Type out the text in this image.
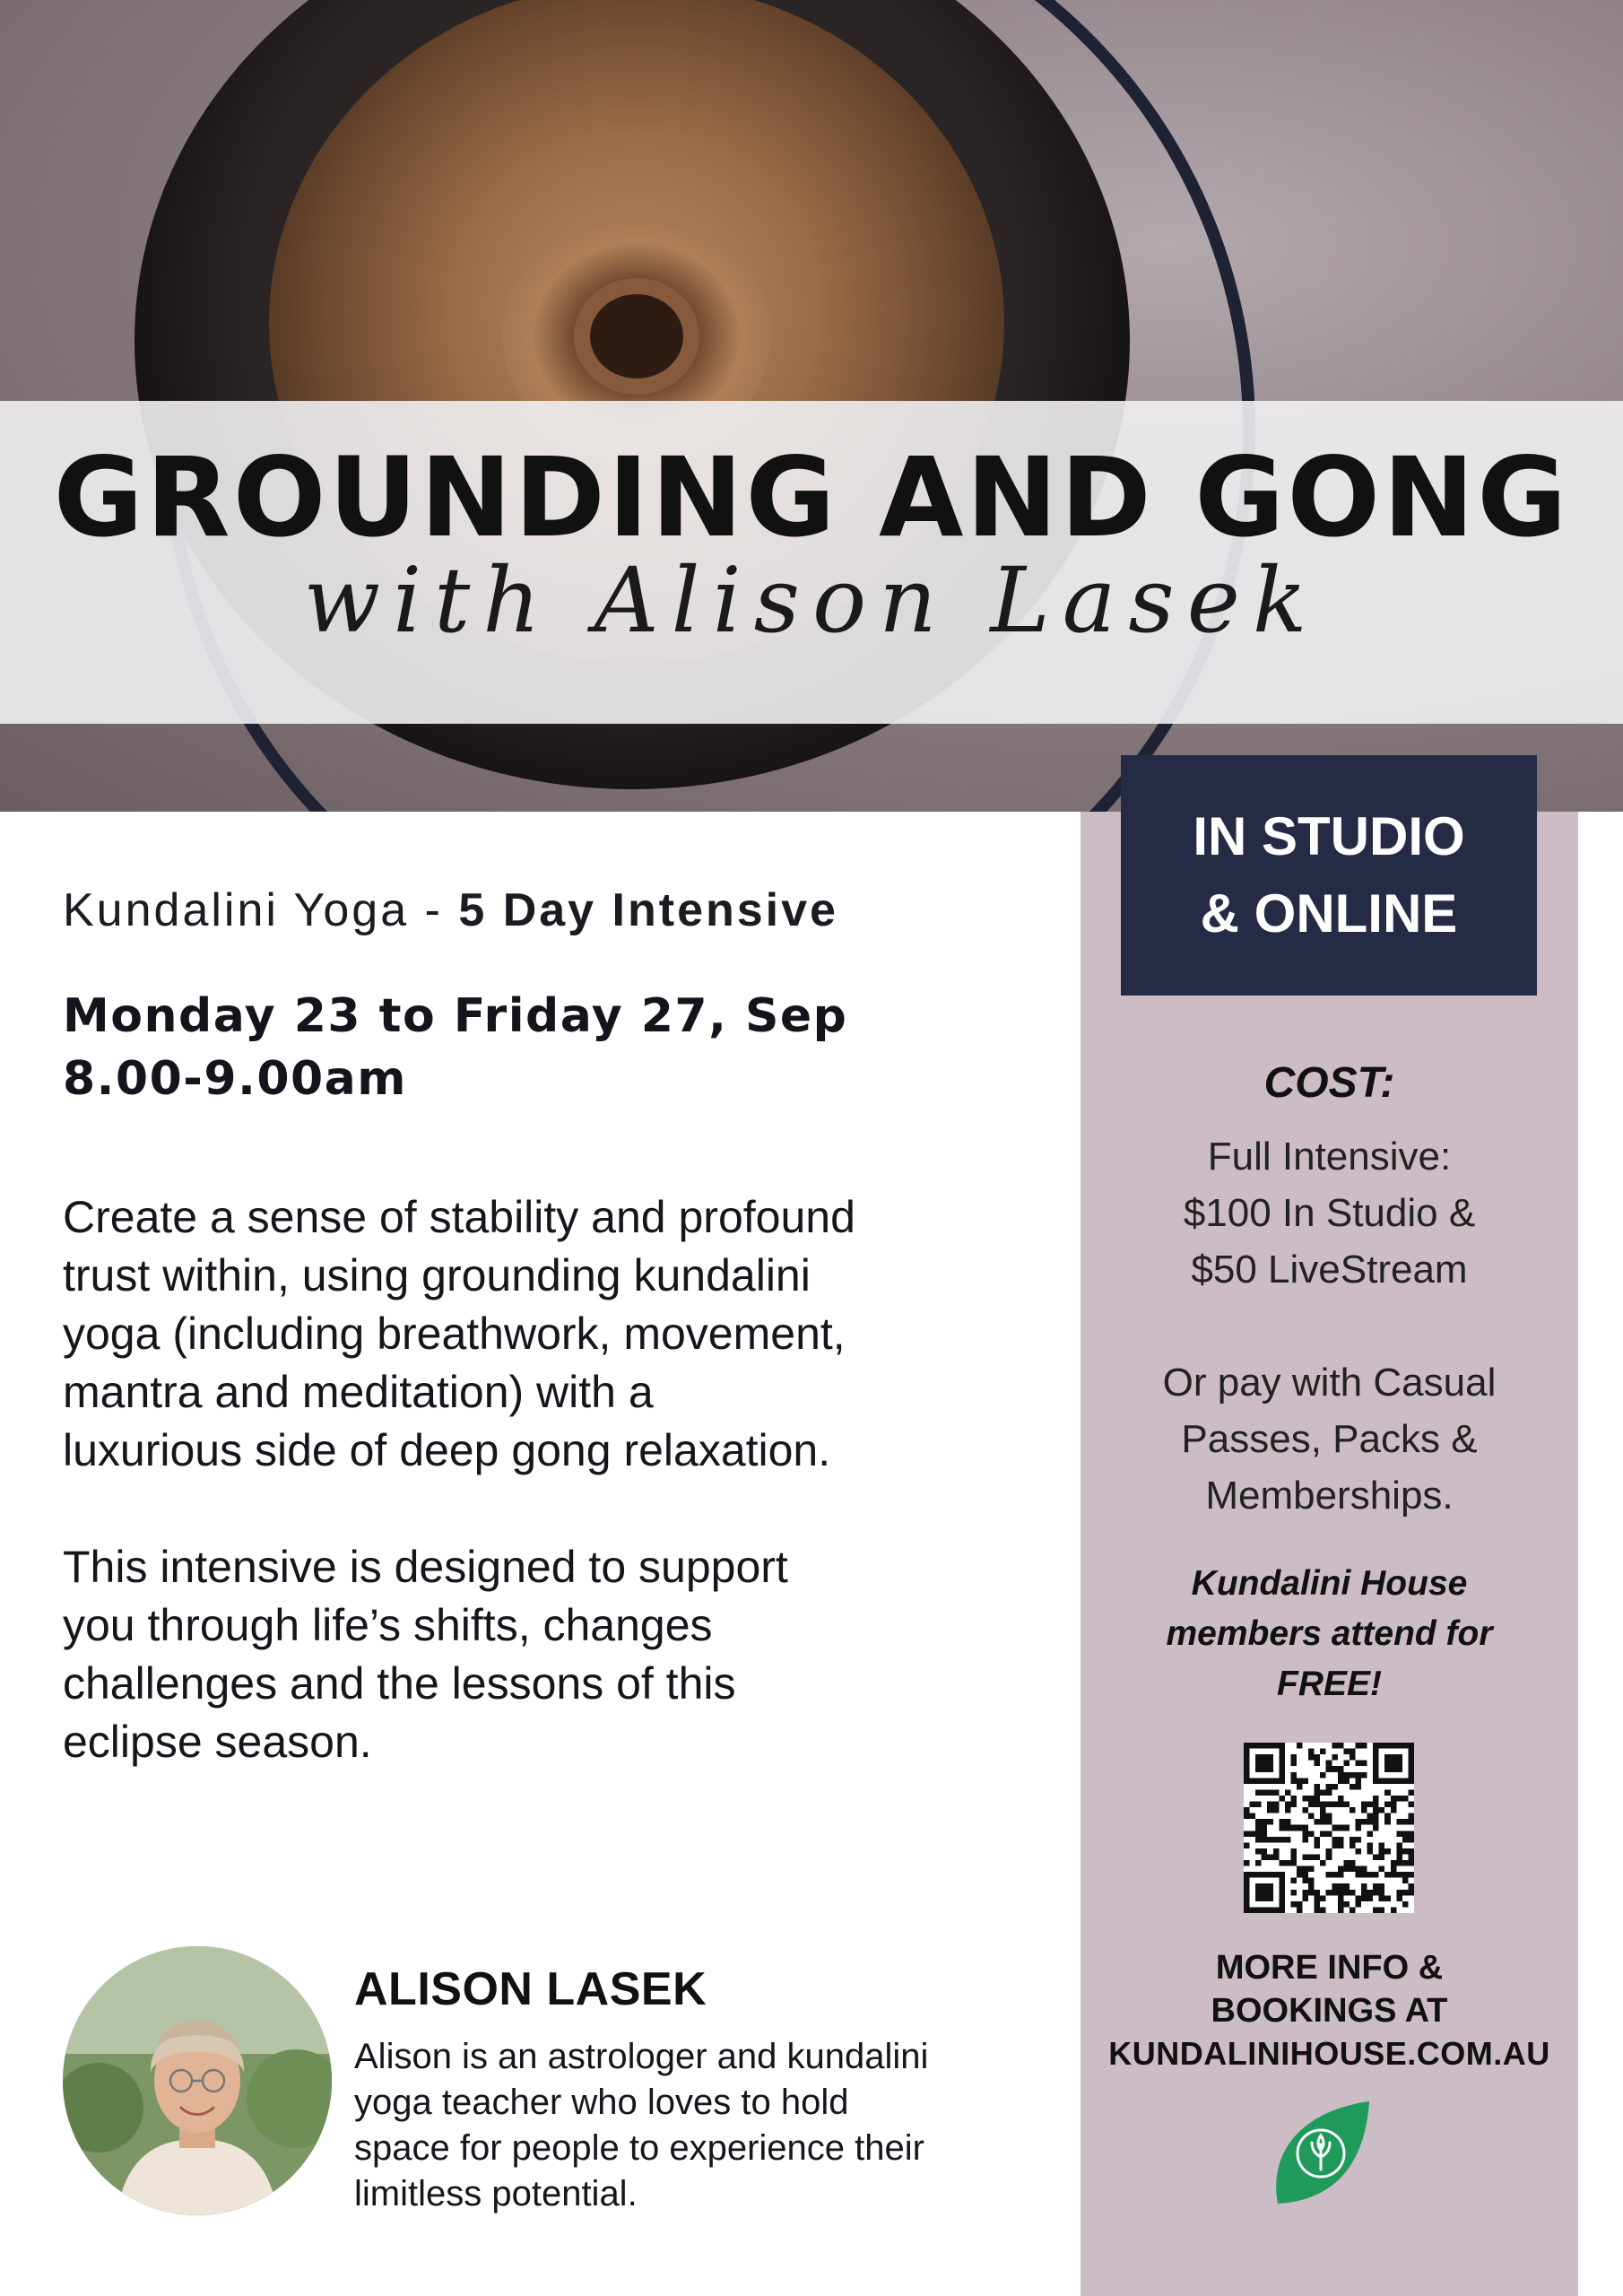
GROUNDING AND GONG
with Alison Lasek
IN STUDIO
& ONLINE
COST:
Full Intensive:
$100 In Studio &
$50 LiveStream

Or pay with Casual
Passes, Packs &
Memberships.
Kundalini House
members attend for
FREE!
MORE INFO &
BOOKINGS AT
KUNDALINIHOUSE.COM.AU
Kundalini Yoga - 5 Day Intensive
Monday 23 to Friday 27, Sep
8.00-9.00am
Create a sense of stability and profound
trust within, using grounding kundalini
yoga (including breathwork, movement,
mantra and meditation) with a
luxurious side of deep gong relaxation.
This intensive is designed to support
you through life’s shifts, changes
challenges and the lessons of this
eclipse season.
ALISON LASEK
Alison is an astrologer and kundalini
yoga teacher who loves to hold
space for people to experience their
limitless potential.
